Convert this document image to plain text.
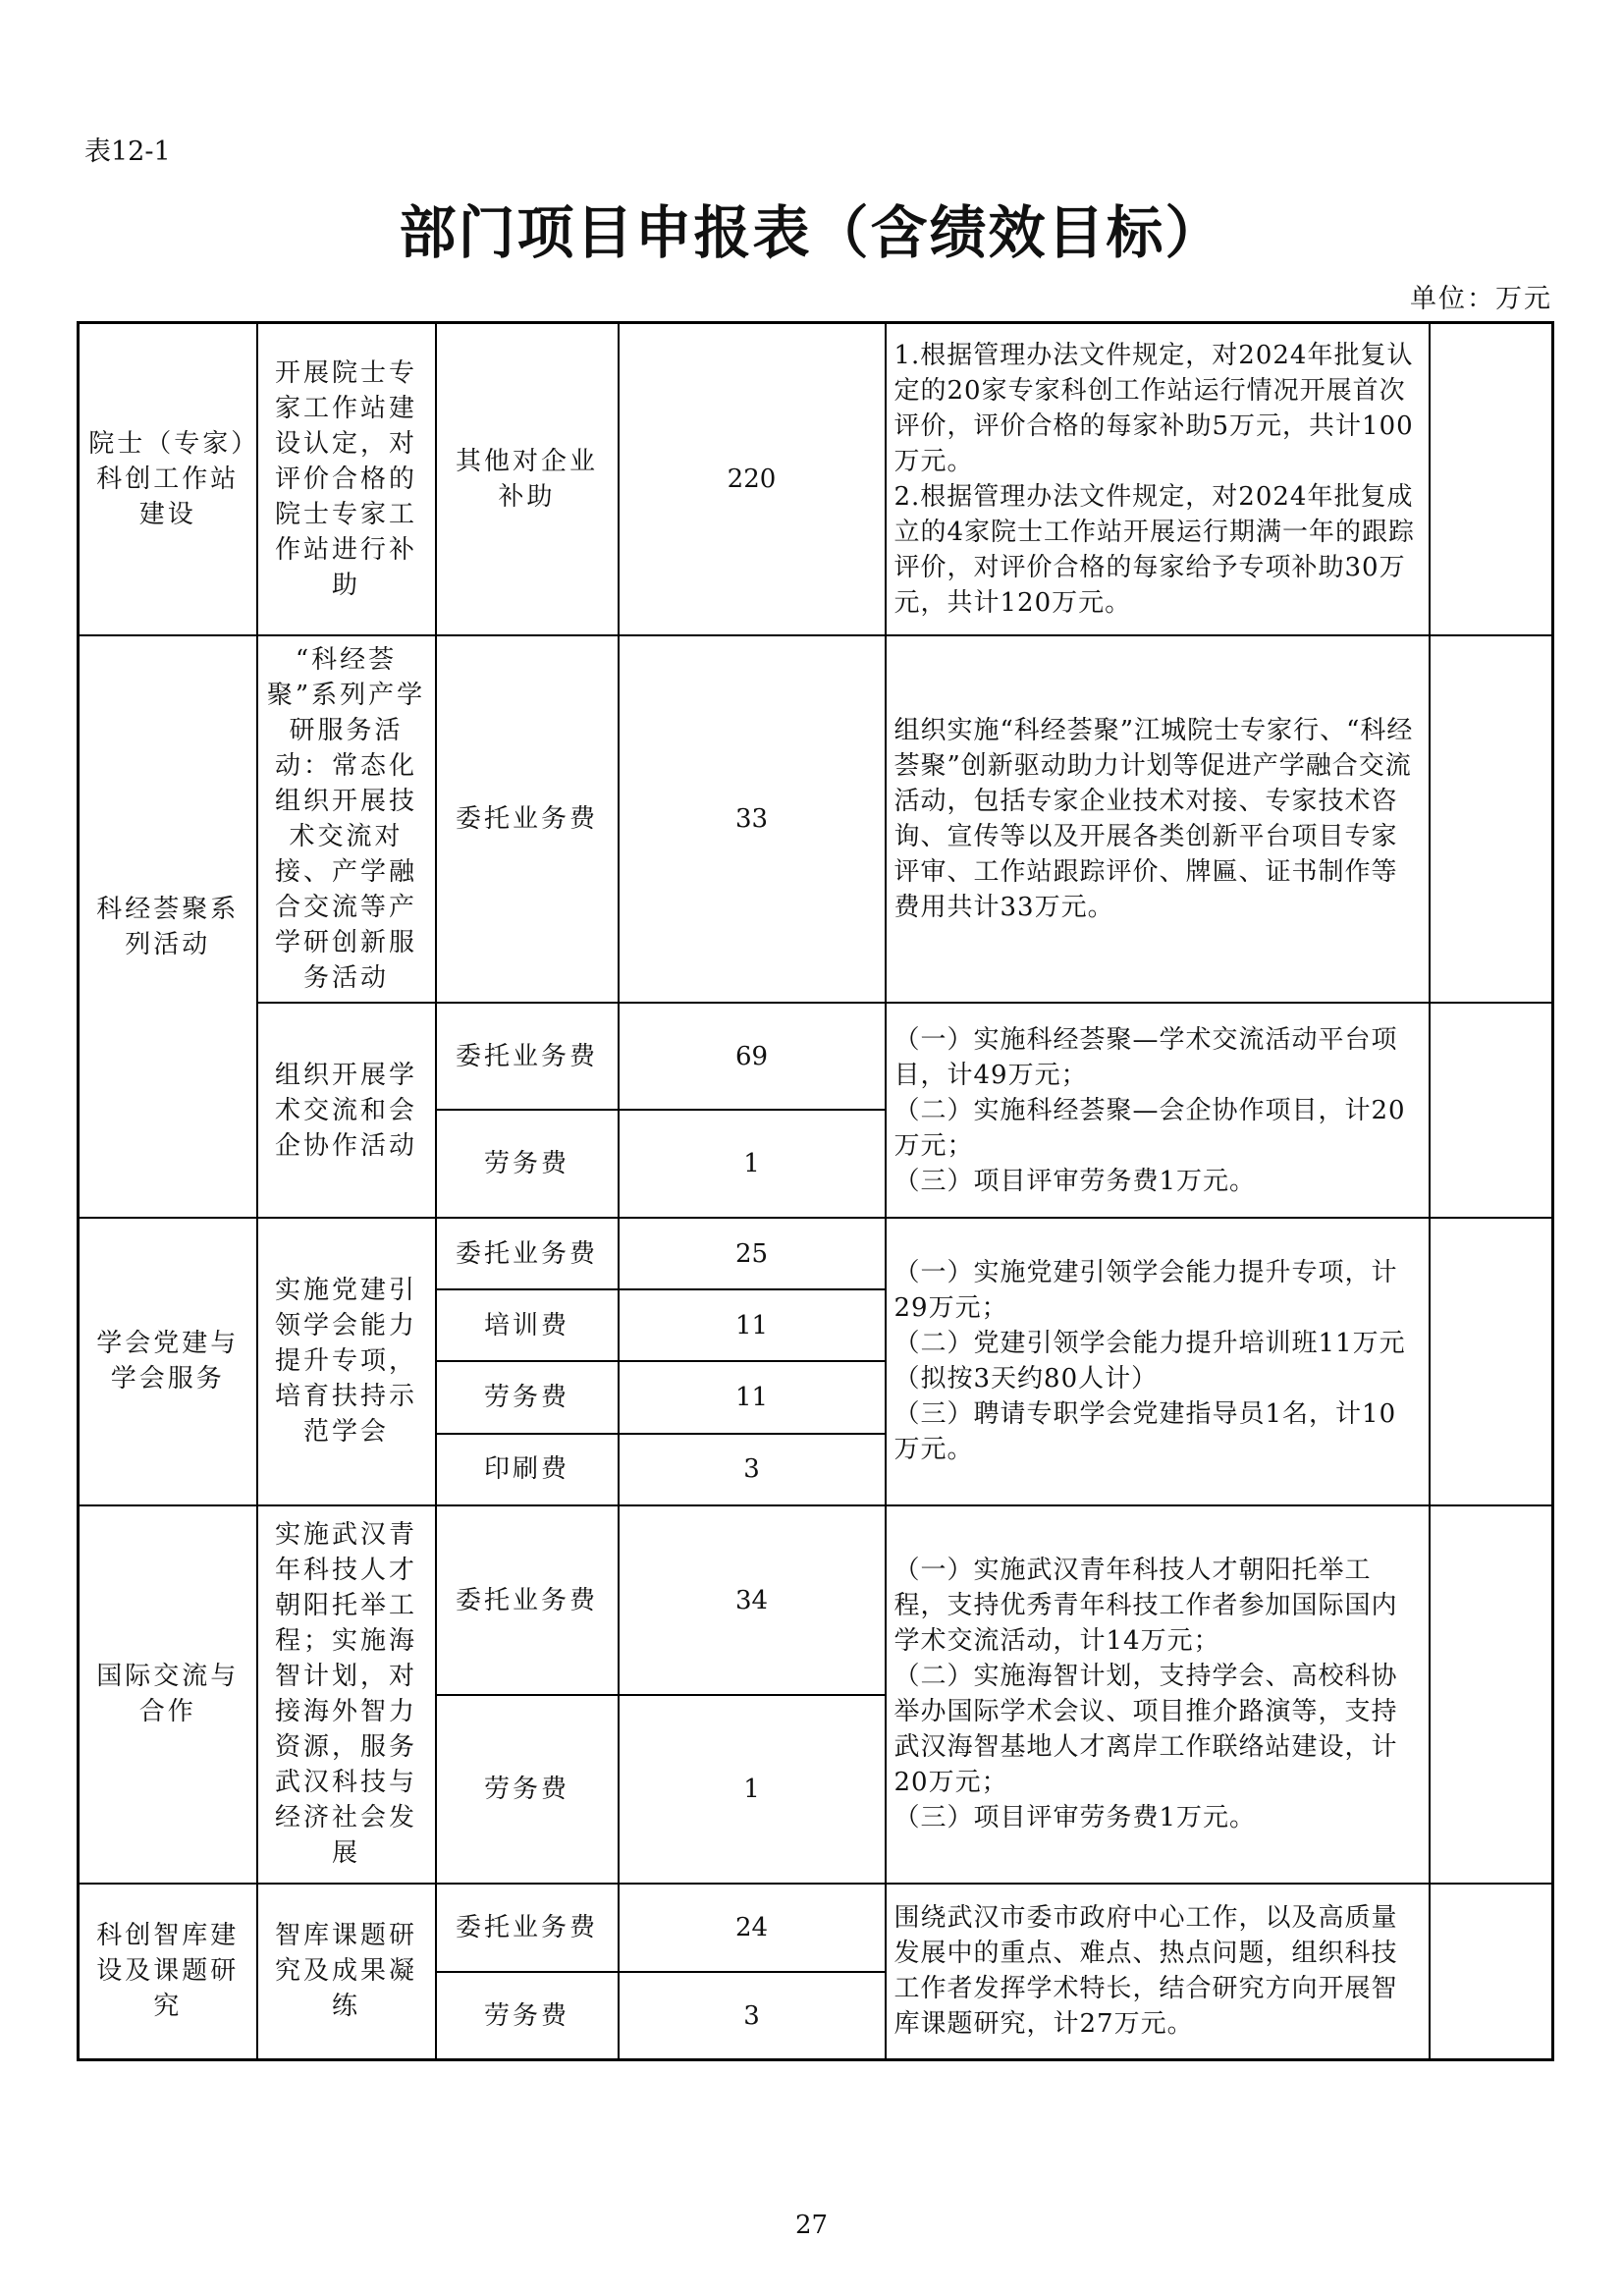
表12-1
部门项目申报表（含绩效目标）
单位：万元
院士（专家）科创工作站建设	开展院士专家工作站建设认定，对评价合格的院士专家工作站进行补助	其他对企业补助	220	1.根据管理办法文件规定，对2024年批复认定的20家专家科创工作站运行情况开展首次评价，评价合格的每家补助5万元，共计100万元。
2.根据管理办法文件规定，对2024年批复成立的4家院士工作站开展运行期满一年的跟踪评价，对评价合格的每家给予专项补助30万元，共计120万元。	

科经荟聚系列活动	“科经荟聚”系列产学研服务活动：常态化组织开展技术交流对接、产学融合交流等产学研创新服务活动	委托业务费	33	组织实施“科经荟聚”江城院士专家行、“科经荟聚”创新驱动助力计划等促进产学融合交流活动，包括专家企业技术对接、专家技术咨询、宣传等以及开展各类创新平台项目专家评审、工作站跟踪评价、牌匾、证书制作等费用共计33万元。	

	组织开展学术交流和会企协作活动	委托业务费	69	（一）实施科经荟聚—学术交流活动平台项目，计49万元；
（二）实施科经荟聚—会企协作项目，计20万元；
（三）项目评审劳务费1万元。	

		劳务费	1		
学会党建与学会服务	实施党建引领学会能力提升专项，培育扶持示范学会	委托业务费	25	（一）实施党建引领学会能力提升专项，计29万元；
（二）党建引领学会能力提升培训班11万元（拟按3天约80人计）
（三）聘请专职学会党建指导员1名，计10万元。	

		培训费	11		
		劳务费	11		
		印刷费	3		
国际交流与合作	实施武汉青年科技人才朝阳托举工程；实施海智计划，对接海外智力资源，服务武汉科技与经济社会发展	委托业务费	34	（一）实施武汉青年科技人才朝阳托举工程，支持优秀青年科技工作者参加国际国内学术交流活动，计14万元；
（二）实施海智计划，支持学会、高校科协举办国际学术会议、项目推介路演等，支持武汉海智基地人才离岸工作联络站建设，计20万元；
（三）项目评审劳务费1万元。	

		劳务费	1		
科创智库建设及课题研究	智库课题研究及成果凝练	委托业务费	24	围绕武汉市委市政府中心工作，以及高质量发展中的重点、难点、热点问题，组织科技工作者发挥学术特长，结合研究方向开展智库课题研究，计27万元。	

		劳务费	3		
27
